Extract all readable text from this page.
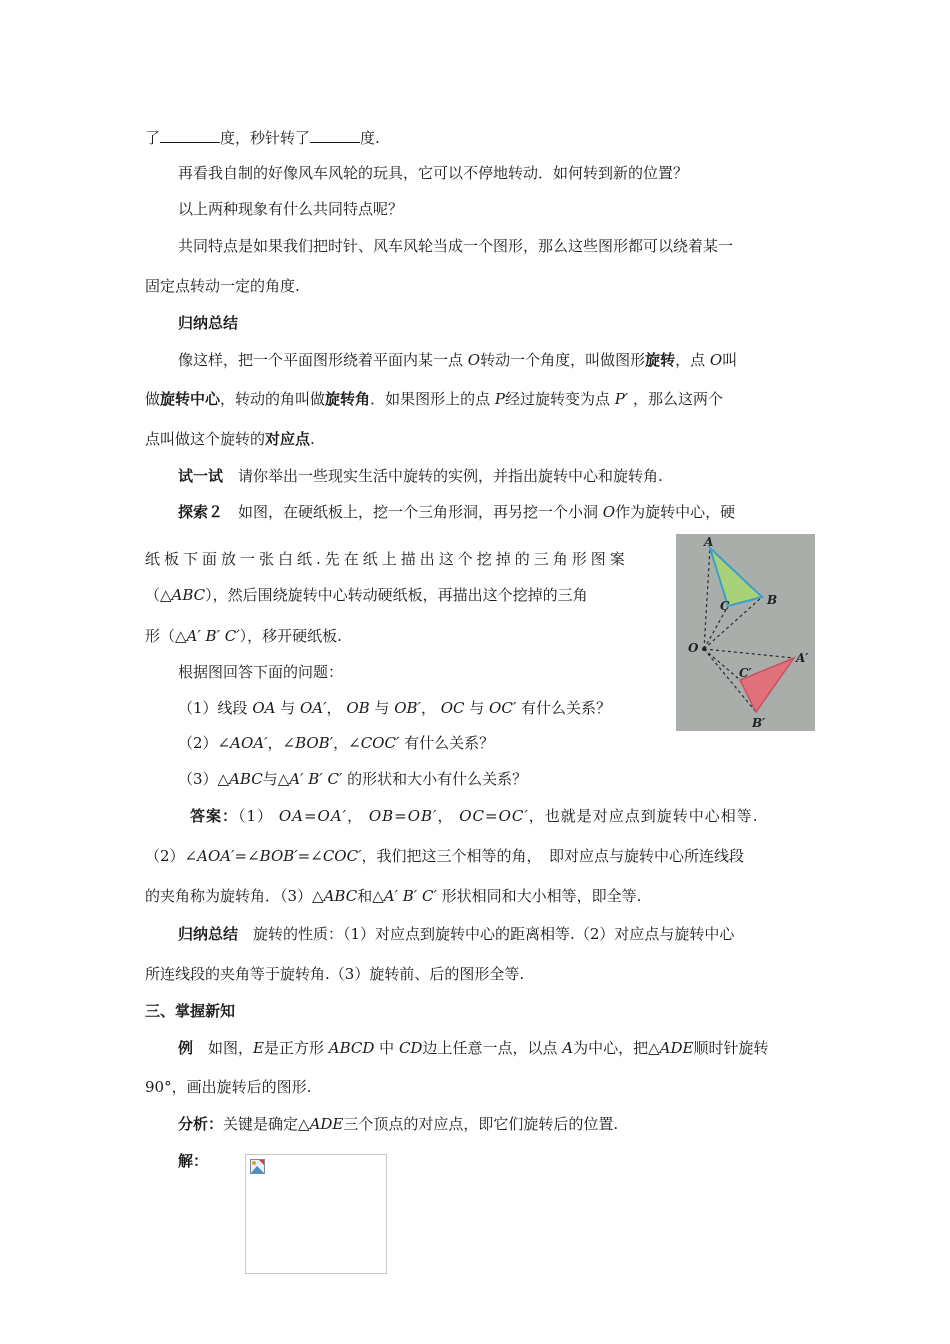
了	度，秒针转了	度.
再看我自制的好像风车风轮的玩具，它可以不停地转动．如何转到新的位置？
以上两种现象有什么共同特点呢？
共同特点是如果我们把时针、风车风轮当成一个图形，那么这些图形都可以绕着某一
固定点转动一定的角度.
归纳总结
像这样，把一个平面图形绕着平面内某一点 O转动一个角度，叫做图形旋转，点 O叫
做旋转中心，转动的角叫做旋转角．如果图形上的点 P经过旋转变为点 P′ ，那么这两个
点叫做这个旋转的对应点.
试一试　请你举出一些现实生活中旋转的实例，并指出旋转中心和旋转角.
探索２　如图，在硬纸板上，挖一个三角形洞，再另挖一个小洞 O作为旋转中心，硬
纸板下面放一张白纸.先在纸上描出这个挖掉的三角形图案
（△ABC），然后围绕旋转中心转动硬纸板，再描出这个挖掉的三角
形（△A′ B′ C′），移开硬纸板.
根据图回答下面的问题：
（1）线段 OA 与 OA′， OB 与 OB′， OC 与 OC′ 有什么关系？
（2）∠AOA′，∠BOB′，∠COC′ 有什么关系？
（3）△ABC与△A′ B′ C′ 的形状和大小有什么关系？
答案：（1） OA=OA′， OB=OB′， OC=OC′，也就是对应点到旋转中心相等.
（2）∠AOA′=∠BOB′=∠COC′，我们把这三个相等的角，　即对应点与旋转中心所连线段
的夹角称为旋转角．（3）△ABC和△A′ B′ C′ 形状相同和大小相等，即全等.
归纳总结　旋转的性质：（1）对应点到旋转中心的距离相等.（2）对应点与旋转中心
所连线段的夹角等于旋转角.（3）旋转前、后的图形全等.
三、掌握新知
例　如图，E是正方形 ABCD 中 CD边上任意一点，以点 A为中心，把△ADE顺时针旋转
90°，画出旋转后的图形.
分析：关键是确定△ADE三个顶点的对应点，即它们旋转后的位置.
解：
A
B
C
O
C′
A′
B′
